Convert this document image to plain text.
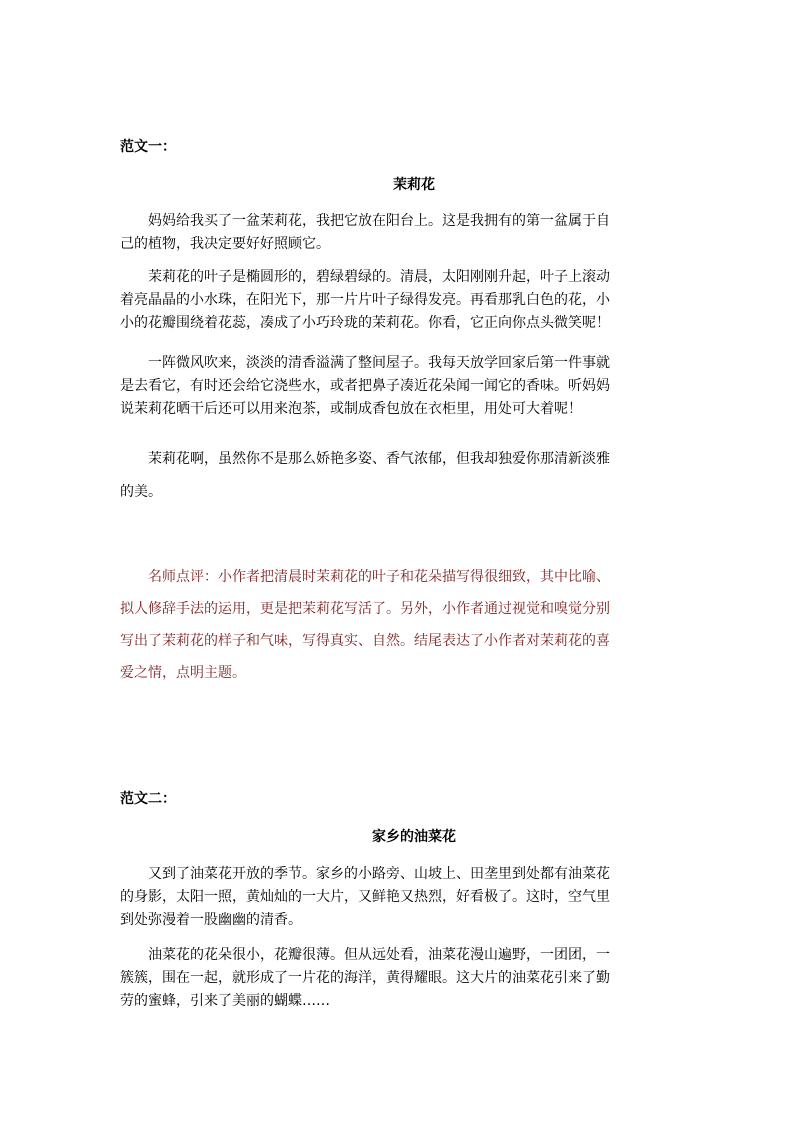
范文一：
茉莉花
妈妈给我买了一盆茉莉花，我把它放在阳台上。这是我拥有的第一盆属于自
己的植物，我决定要好好照顾它。
茉莉花的叶子是椭圆形的，碧绿碧绿的。清晨，太阳刚刚升起，叶子上滚动
着亮晶晶的小水珠，在阳光下，那一片片叶子绿得发亮。再看那乳白色的花，小
小的花瓣围绕着花蕊，凑成了小巧玲珑的茉莉花。你看，它正向你点头微笑呢！
一阵微风吹来，淡淡的清香溢满了整间屋子。我每天放学回家后第一件事就
是去看它，有时还会给它浇些水，或者把鼻子凑近花朵闻一闻它的香味。听妈妈
说茉莉花晒干后还可以用来泡茶，或制成香包放在衣柜里，用处可大着呢！
茉莉花啊，虽然你不是那么娇艳多姿、香气浓郁，但我却独爱你那清新淡雅
的美。
名师点评：小作者把清晨时茉莉花的叶子和花朵描写得很细致，其中比喻、
拟人修辞手法的运用，更是把茉莉花写活了。另外，小作者通过视觉和嗅觉分别
写出了茉莉花的样子和气味，写得真实、自然。结尾表达了小作者对茉莉花的喜
爱之情，点明主题。
范文二：
家乡的油菜花
又到了油菜花开放的季节。家乡的小路旁、山坡上、田垄里到处都有油菜花
的身影，太阳一照，黄灿灿的一大片，又鲜艳又热烈，好看极了。这时，空气里
到处弥漫着一股幽幽的清香。
油菜花的花朵很小，花瓣很薄。但从远处看，油菜花漫山遍野，一团团，一
簇簇，围在一起，就形成了一片花的海洋，黄得耀眼。这大片的油菜花引来了勤
劳的蜜蜂，引来了美丽的蝴蝶……
